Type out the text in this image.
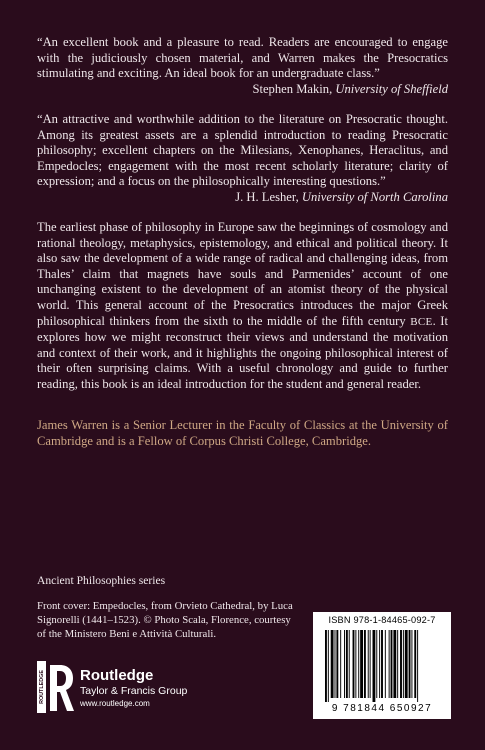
“An excellent book and a pleasure to read. Readers are encouraged to engage with the judiciously chosen material, and Warren makes the Presocratics stimulating and exciting. An ideal book for an undergraduate class.”
Stephen Makin, University of Sheffield
“An attractive and worthwhile addition to the literature on Presocratic thought. Among its greatest assets are a splendid introduction to reading Presocratic philosophy; excellent chapters on the Milesians, Xenophanes, Heraclitus, and Empedocles; engagement with the most recent scholarly literature; clarity of expression; and a focus on the philosophically interesting questions.”
J. H. Lesher, University of North Carolina
The earliest phase of philosophy in Europe saw the beginnings of cosmology and rational theology, metaphysics, epistemology, and ethical and political theory. It also saw the development of a wide range of radical and challenging ideas, from Thales’ claim that magnets have souls and Parmenides’ account of one unchanging existent to the development of an atomist theory of the physical world. This general account of the Presocratics introduces the major Greek philosophical thinkers from the sixth to the middle of the fifth century BCE. It explores how we might reconstruct their views and understand the motivation and context of their work, and it highlights the ongoing philosophical interest of their often surprising claims. With a useful chronology and guide to further reading, this book is an ideal introduction for the student and general reader.
James Warren is a Senior Lecturer in the Faculty of Classics at the University of Cambridge and is a Fellow of Corpus Christi College, Cambridge.
Ancient Philosophies series
Front cover: Empedocles, from Orvieto Cathedral, by Luca Signorelli (1441–1523). © Photo Scala, Florence, courtesy of the Ministero Beni e Attività Culturali.
ROUTLEDGE Routledge
Taylor & Francis Group
www.routledge.com
ISBN 978-1-84465-092-7
9 781844 650927
